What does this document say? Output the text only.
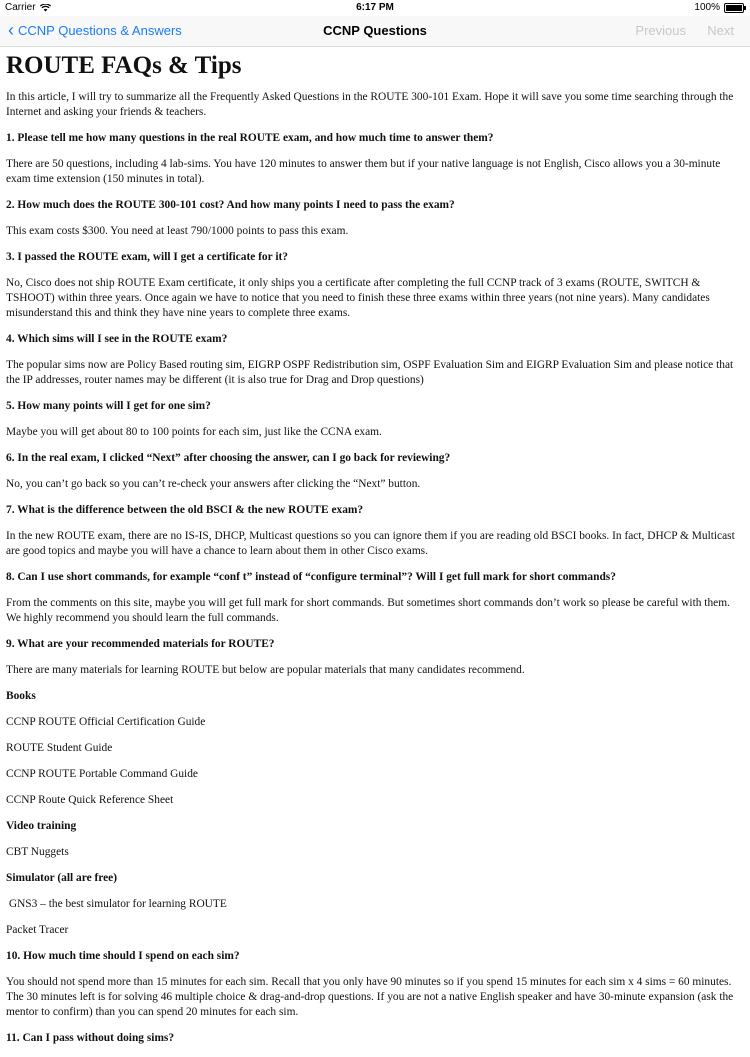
Carrier	6:17 PM	100%
‹ CCNP Questions & Answers	CCNP Questions	Previous Next
ROUTE FAQs & Tips

In this article, I will try to summarize all the Frequently Asked Questions in the ROUTE 300-101 Exam. Hope it will save you some time searching through the Internet and asking your friends & teachers.

1. Please tell me how many questions in the real ROUTE exam, and how much time to answer them?

There are 50 questions, including 4 lab-sims. You have 120 minutes to answer them but if your native language is not English, Cisco allows you a 30-minute exam time extension (150 minutes in total).

2. How much does the ROUTE 300-101 cost? And how many points I need to pass the exam?

This exam costs $300. You need at least 790/1000 points to pass this exam.

3. I passed the ROUTE exam, will I get a certificate for it?

No, Cisco does not ship ROUTE Exam certificate, it only ships you a certificate after completing the full CCNP track of 3 exams (ROUTE, SWITCH & TSHOOT) within three years. Once again we have to notice that you need to finish these three exams within three years (not nine years). Many candidates misunderstand this and think they have nine years to complete three exams.

4. Which sims will I see in the ROUTE exam?

The popular sims now are Policy Based routing sim, EIGRP OSPF Redistribution sim, OSPF Evaluation Sim and EIGRP Evaluation Sim and please notice that the IP addresses, router names may be different (it is also true for Drag and Drop questions)

5. How many points will I get for one sim?

Maybe you will get about 80 to 100 points for each sim, just like the CCNA exam.

6. In the real exam, I clicked “Next” after choosing the answer, can I go back for reviewing?

No, you can’t go back so you can’t re-check your answers after clicking the “Next” button.

7. What is the difference between the old BSCI & the new ROUTE exam?

In the new ROUTE exam, there are no IS-IS, DHCP, Multicast questions so you can ignore them if you are reading old BSCI books. In fact, DHCP & Multicast are good topics and maybe you will have a chance to learn about them in other Cisco exams.

8. Can I use short commands, for example “conf t” instead of “configure terminal”? Will I get full mark for short commands?

From the comments on this site, maybe you will get full mark for short commands. But sometimes short commands don’t work so please be careful with them. We highly recommend you should learn the full commands.

9. What are your recommended materials for ROUTE?

There are many materials for learning ROUTE but below are popular materials that many candidates recommend.

Books

CCNP ROUTE Official Certification Guide

ROUTE Student Guide

CCNP ROUTE Portable Command Guide

CCNP Route Quick Reference Sheet

Video training

CBT Nuggets

Simulator (all are free)

GNS3 – the best simulator for learning ROUTE

Packet Tracer

10. How much time should I spend on each sim?

You should not spend more than 15 minutes for each sim. Recall that you only have 90 minutes so if you spend 15 minutes for each sim x 4 sims = 60 minutes. The 30 minutes left is for solving 46 multiple choice & drag-and-drop questions. If you are not a native English speaker and have 30-minute expansion (ask the mentor to confirm) than you can spend 20 minutes for each sim.

11. Can I pass without doing sims?
